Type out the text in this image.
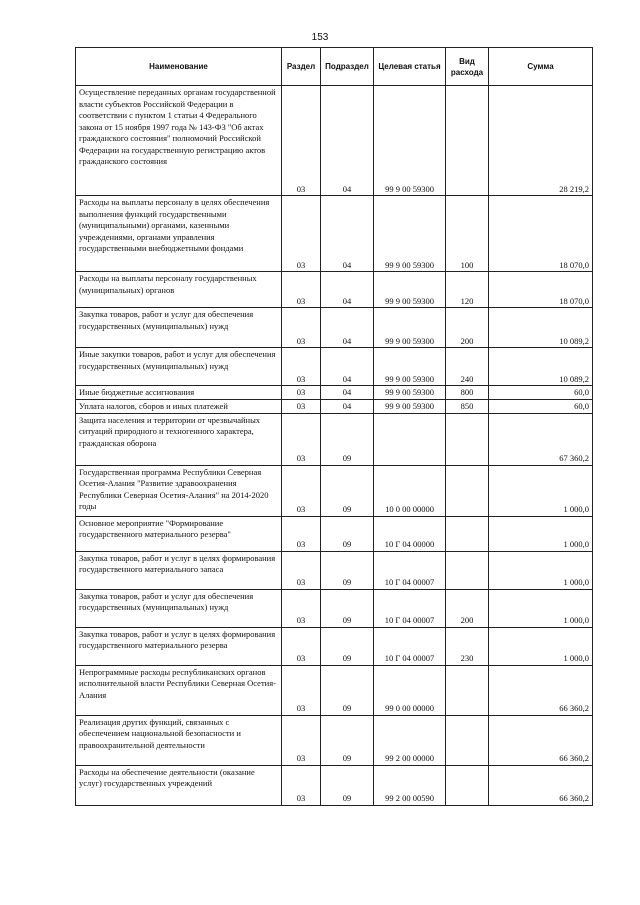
153
Наименование	Раздел	Подраздел	Целевая статья	Вид расхода	Сумма
Осуществление переданных органам государственной власти субъектов Российской Федерации в соответствии с пунктом 1 статьи 4 Федерального закона от 15 ноября 1997 года № 143-ФЗ "Об актах гражданского состояния" полномочий Российской Федерации на государственную регистрацию актов гражданского состояния	03	04	99 9 00 59300		28 219,2
Расходы на выплаты персоналу в целях обеспечения выполнения функций государственными (муниципальными) органами, казенными учреждениями, органами управления государственными внебюджетными фондами	03	04	99 9 00 59300	100	18 070,0
Расходы на выплаты персоналу государственных (муниципальных) органов	03	04	99 9 00 59300	120	18 070,0
Закупка товаров, работ и услуг для обеспечения государственных (муниципальных) нужд	03	04	99 9 00 59300	200	10 089,2
Иные закупки товаров, работ и услуг для обеспечения государственных (муниципальных) нужд	03	04	99 9 00 59300	240	10 089,2
Иные бюджетные ассигнования	03	04	99 9 00 59300	800	60,0
Уплата налогов, сборов и иных платежей	03	04	99 9 00 59300	850	60,0
Защита населения и территории от чрезвычайных ситуаций природного и техногенного характера, гражданская оборона	03	09			67 360,2
Государственная программа Республики Северная Осетия-Алания "Развитие здравоохранения Республики Северная Осетия-Алания" на 2014-2020 годы	03	09	10 0 00 00000		1 000,0
Основное мероприятие "Формирование государственного материального резерва"	03	09	10 Г 04 00000		1 000,0
Закупка товаров, работ и услуг в целях формирования государственного материального запаса	03	09	10 Г 04 00007		1 000,0
Закупка товаров, работ и услуг для обеспечения государственных (муниципальных) нужд	03	09	10 Г 04 00007	200	1 000,0
Закупка товаров, работ и услуг в целях формирования государственного материального резерва	03	09	10 Г 04 00007	230	1 000,0
Непрограммные расходы республиканских органов исполнительной власти Республики Северная Осетия-Алания	03	09	99 0 00 00000		66 360,2
Реализация других функций, связанных с обеспечением национальной безопасности и правоохранительной деятельности	03	09	99 2 00 00000		66 360,2
Расходы на обеспечение деятельности (оказание услуг) государственных учреждений	03	09	99 2 00 00590		66 360,2
